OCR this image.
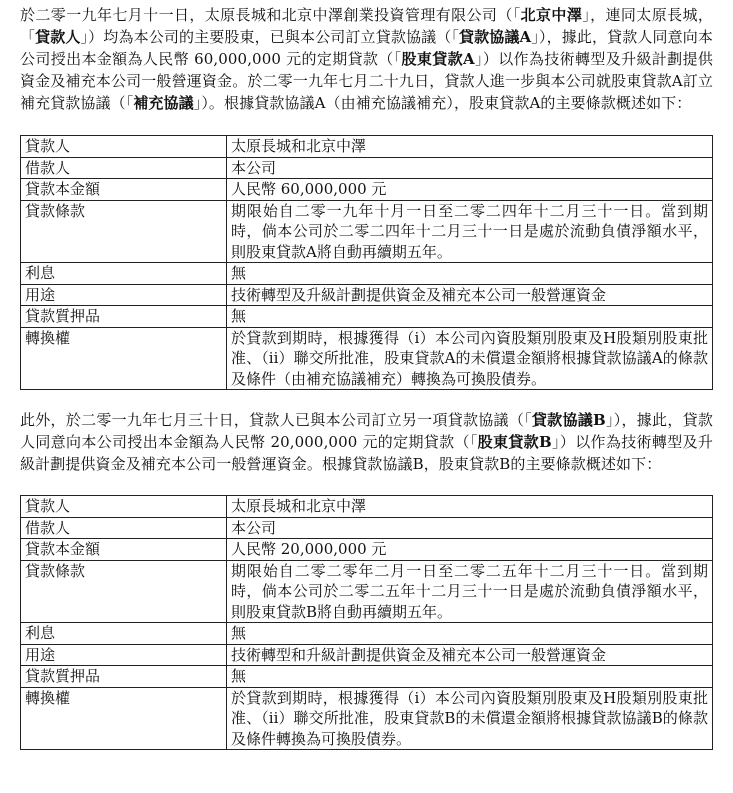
於二零一九年七月十一日，太原長城和北京中澤創業投資管理有限公司（「北京中澤」，連同太原長城，「貸款人」）均為本公司的主要股東，已與本公司訂立貸款協議（「貸款協議A」），據此，貸款人同意向本公司授出本金額為人民幣 60,000,000 元的定期貸款（「股東貸款A」）以作為技術轉型及升級計劃提供資金及補充本公司一般營運資金。於二零一九年七月二十九日，貸款人進一步與本公司就股東貸款A訂立補充貸款協議（「補充協議」）。根據貸款協議A（由補充協議補充），股東貸款A的主要條款概述如下：

貸款人	太原長城和北京中澤
借款人	本公司
貸款本金額	人民幣 60,000,000 元
貸款條款	期限始自二零一九年十月一日至二零二四年十二月三十一日。當到期時，倘本公司於二零二四年十二月三十一日是處於流動負債淨額水平，則股東貸款A將自動再續期五年。
利息	無
用途	技術轉型及升級計劃提供資金及補充本公司一般營運資金
貸款質押品	無
轉換權	於貸款到期時，根據獲得（i）本公司內資股類別股東及H股類別股東批准、（ii）聯交所批准，股東貸款A的未償還金額將根據貸款協議A的條款及條件（由補充協議補充）轉換為可換股債券。

此外，於二零一九年七月三十日，貸款人已與本公司訂立另一項貸款協議（「貸款協議B」），據此，貸款人同意向本公司授出本金額為人民幣 20,000,000 元的定期貸款（「股東貸款B」）以作為技術轉型及升級計劃提供資金及補充本公司一般營運資金。根據貸款協議B，股東貸款B的主要條款概述如下：

貸款人	太原長城和北京中澤
借款人	本公司
貸款本金額	人民幣 20,000,000 元
貸款條款	期限始自二零二零年二月一日至二零二五年十二月三十一日。當到期時，倘本公司於二零二五年十二月三十一日是處於流動負債淨額水平，則股東貸款B將自動再續期五年。
利息	無
用途	技術轉型和升級計劃提供資金及補充本公司一般營運資金
貸款質押品	無
轉換權	於貸款到期時，根據獲得（i）本公司內資股類別股東及H股類別股東批准、（ii）聯交所批准，股東貸款B的未償還金額將根據貸款協議B的條款及條件轉換為可換股債券。
